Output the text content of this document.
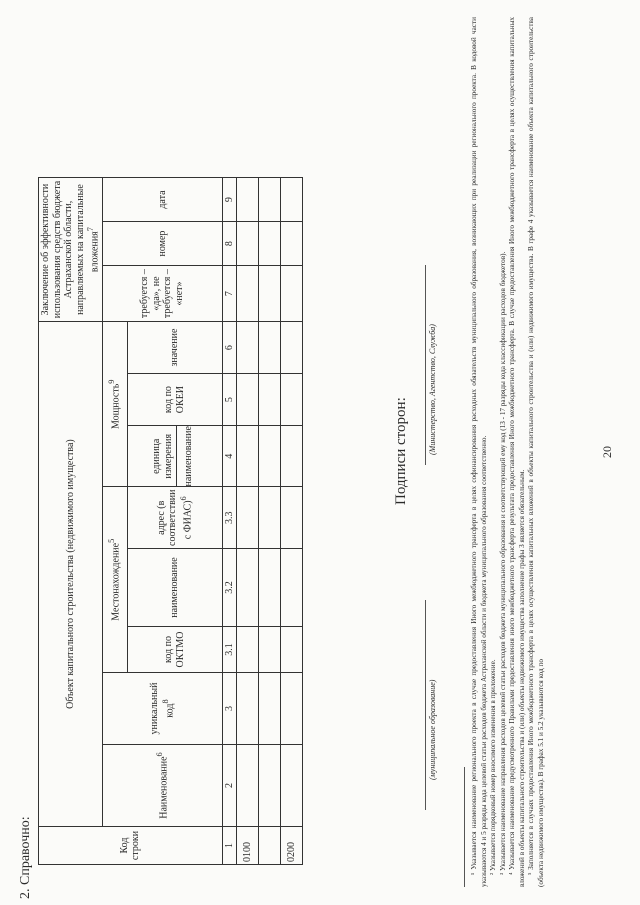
20
2. Справочно:	Код строки	Объект капитального строительства (недвижимого имущества)								Заключение об эффективности использования средств бюджета Астраханской области, направляемых на капитальные вложения$^7$
	Наименование$^6$	уникальный код$^8$	Местонахождение$^5$			Мощность$^9$			требуется – «да», не требуется – «нет»	номер	дата
			код по ОКТМО	наименование	адрес (в соответствии с ФИАС)$^6$	единица измерения наименование	код по ОКЕИ	значение			
1	2	3	3.1	3.2	3.3	4	5	6	7	8	9
0100											

0200											
Подписи сторон:
(муниципальное образование)
(Министерство, Агентство, Служба)	¹ Указывается наименование регионального проекта в случае предоставления Иного межбюджетного трансферта в целях софинансирования расходных обязательств муниципального образования, возникающих при реализации регионального проекта. В кодовой части указываются 4 и 5 разряды кода целевой статьи расходов бюджета Астраханской области и бюджета муниципального образования соответственно. ² Указывается порядковый номер вносимого изменения в приложение. ³ Указывается наименование направления расходов целевой статьи расходов бюджета муниципального образования и соответствующий ему код (13 - 17 разряды кода классификации расходов бюджетов). ⁴ Указывается наименование предусмотренного Правилами предоставления иного межбюджетного трансферта результата предоставления Иного межбюджетного трансферта. В случае предоставления Иного межбюджетного трансферта в целях осуществления капитальных вложений в объекты капитального строительства и (или) объекты недвижимого имущества заполнение графы 3 является обязательным. ⁵ Заполняется в случаях предоставления Иного межбюджетного трансферта в целях осуществления капитальных вложений в объекты капитального строительства и (или) недвижимого имущества. В графе 4 указывается наименование объекта капитального строительства (объекта недвижимого имущества). В графах 5.1 и 5.2 указываются код по
